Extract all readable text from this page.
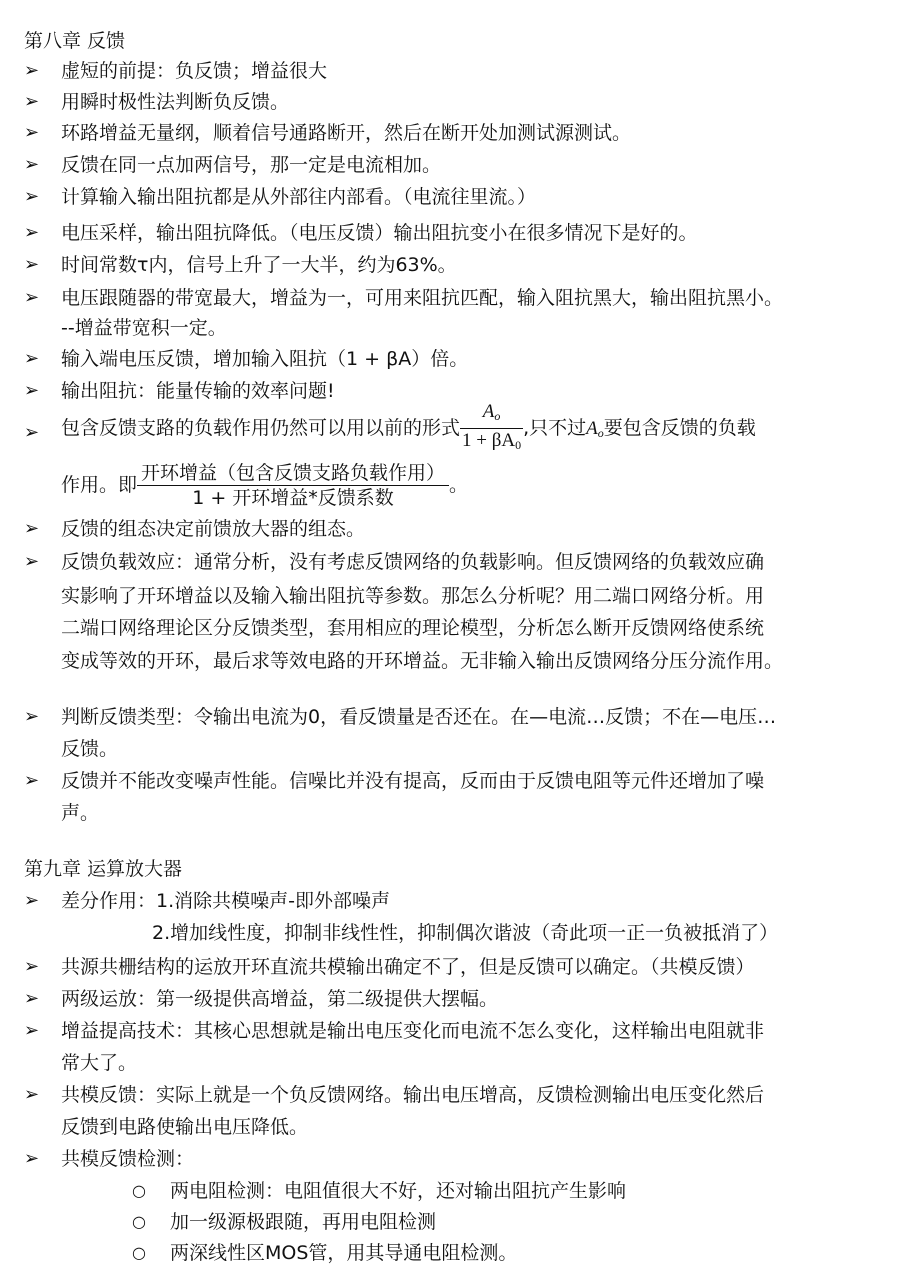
第八章 反馈
➢	虚短的前提：负反馈；增益很大
➢	用瞬时极性法判断负反馈。
➢	环路增益无量纲，顺着信号通路断开，然后在断开处加测试源测试。
➢	反馈在同一点加两信号，那一定是电流相加。
➢	计算输入输出阻抗都是从外部往内部看。（电流往里流。）
➢	电压采样，输出阻抗降低。（电压反馈）输出阻抗变小在很多情况下是好的。
➢	时间常数τ内，信号上升了一大半，约为63%。
➢	电压跟随器的带宽最大，增益为一，可用来阻抗匹配，输入阻抗黑大，输出阻抗黑小。
--增益带宽积一定。
➢	输入端电压反馈，增加输入阻抗（1 + βA）倍。
➢	输出阻抗：能量传输的效率问题!
➢	包含反馈支路的负载作用仍然可以用以前的形式 $\frac{A_o}{1 + \beta A_0}$ ,只不过$A_o$要包含反馈的负载
作用。即 $\frac{\text{开环增益（包含反馈支路负载作用）}}{\text{1 + 开环增益*反馈系数}}$ 。
➢	反馈的组态决定前馈放大器的组态。
➢	反馈负载效应：通常分析，没有考虑反馈网络的负载影响。但反馈网络的负载效应确
实影响了开环增益以及输入输出阻抗等参数。那怎么分析呢？用二端口网络分析。用
二端口网络理论区分反馈类型，套用相应的理论模型，分析怎么断开反馈网络使系统
变成等效的开环，最后求等效电路的开环增益。无非输入输出反馈网络分压分流作用。
➢	判断反馈类型：令输出电流为0，看反馈量是否还在。在—电流…反馈；不在—电压…
反馈。
➢	反馈并不能改变噪声性能。信噪比并没有提高，反而由于反馈电阻等元件还增加了噪
声。
第九章 运算放大器
➢	差分作用：1.消除共模噪声-即外部噪声
2.增加线性度，抑制非线性性，抑制偶次谐波（奇此项一正一负被抵消了）
➢	共源共栅结构的运放开环直流共模输出确定不了，但是反馈可以确定。（共模反馈）
➢	两级运放：第一级提供高增益，第二级提供大摆幅。
➢	增益提高技术：其核心思想就是输出电压变化而电流不怎么变化，这样输出电阻就非
常大了。
➢	共模反馈：实际上就是一个负反馈网络。输出电压增高，反馈检测输出电压变化然后
反馈到电路使输出电压降低。
➢	共模反馈检测：
○ 两电阻检测：电阻值很大不好，还对输出阻抗产生影响
○ 加一级源极跟随，再用电阻检测
○ 两深线性区MOS管，用其导通电阻检测。
